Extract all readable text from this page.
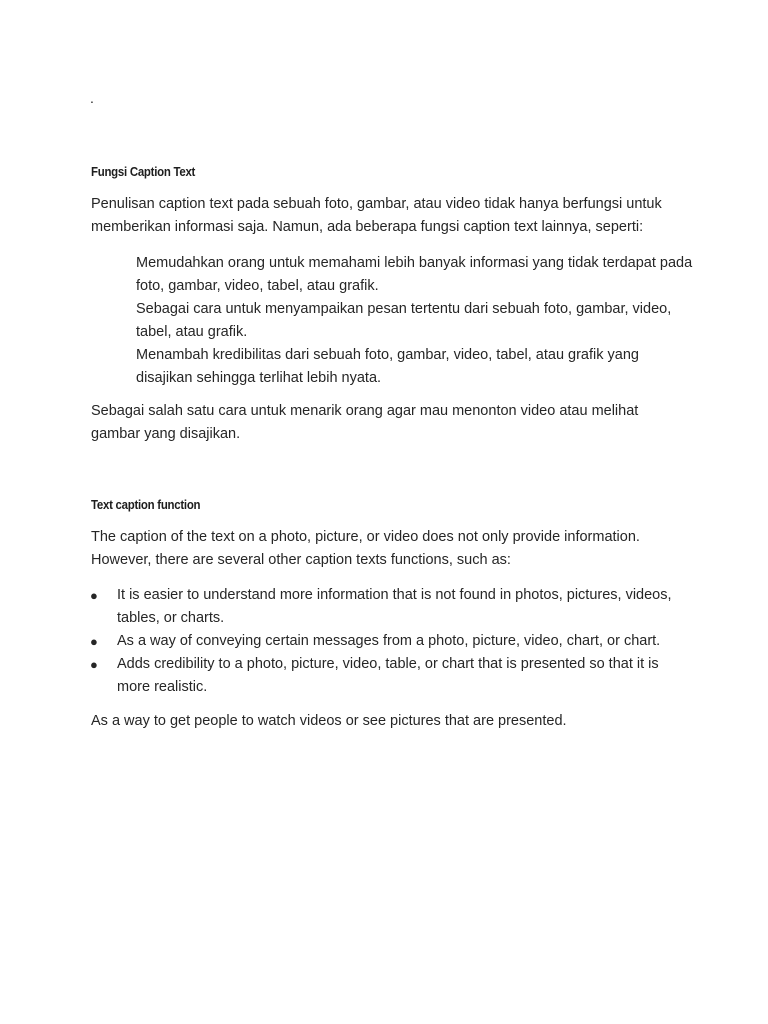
.
Fungsi Caption Text
Penulisan caption text pada sebuah foto, gambar, atau video tidak hanya berfungsi untuk memberikan informasi saja. Namun, ada beberapa fungsi caption text lainnya, seperti:
Memudahkan orang untuk memahami lebih banyak informasi yang tidak terdapat pada foto, gambar, video, tabel, atau grafik.
Sebagai cara untuk menyampaikan pesan tertentu dari sebuah foto, gambar, video, tabel, atau grafik.
Menambah kredibilitas dari sebuah foto, gambar, video, tabel, atau grafik yang disajikan sehingga terlihat lebih nyata.
Sebagai salah satu cara untuk menarik orang agar mau menonton video atau melihat gambar yang disajikan.
Text caption function
The caption of the text on a photo, picture, or video does not only provide information. However, there are several other caption texts functions, such as:
● It is easier to understand more information that is not found in photos, pictures, videos, tables, or charts.
● As a way of conveying certain messages from a photo, picture, video, chart, or chart.
● Adds credibility to a photo, picture, video, table, or chart that is presented so that it is more realistic.
As a way to get people to watch videos or see pictures that are presented.
